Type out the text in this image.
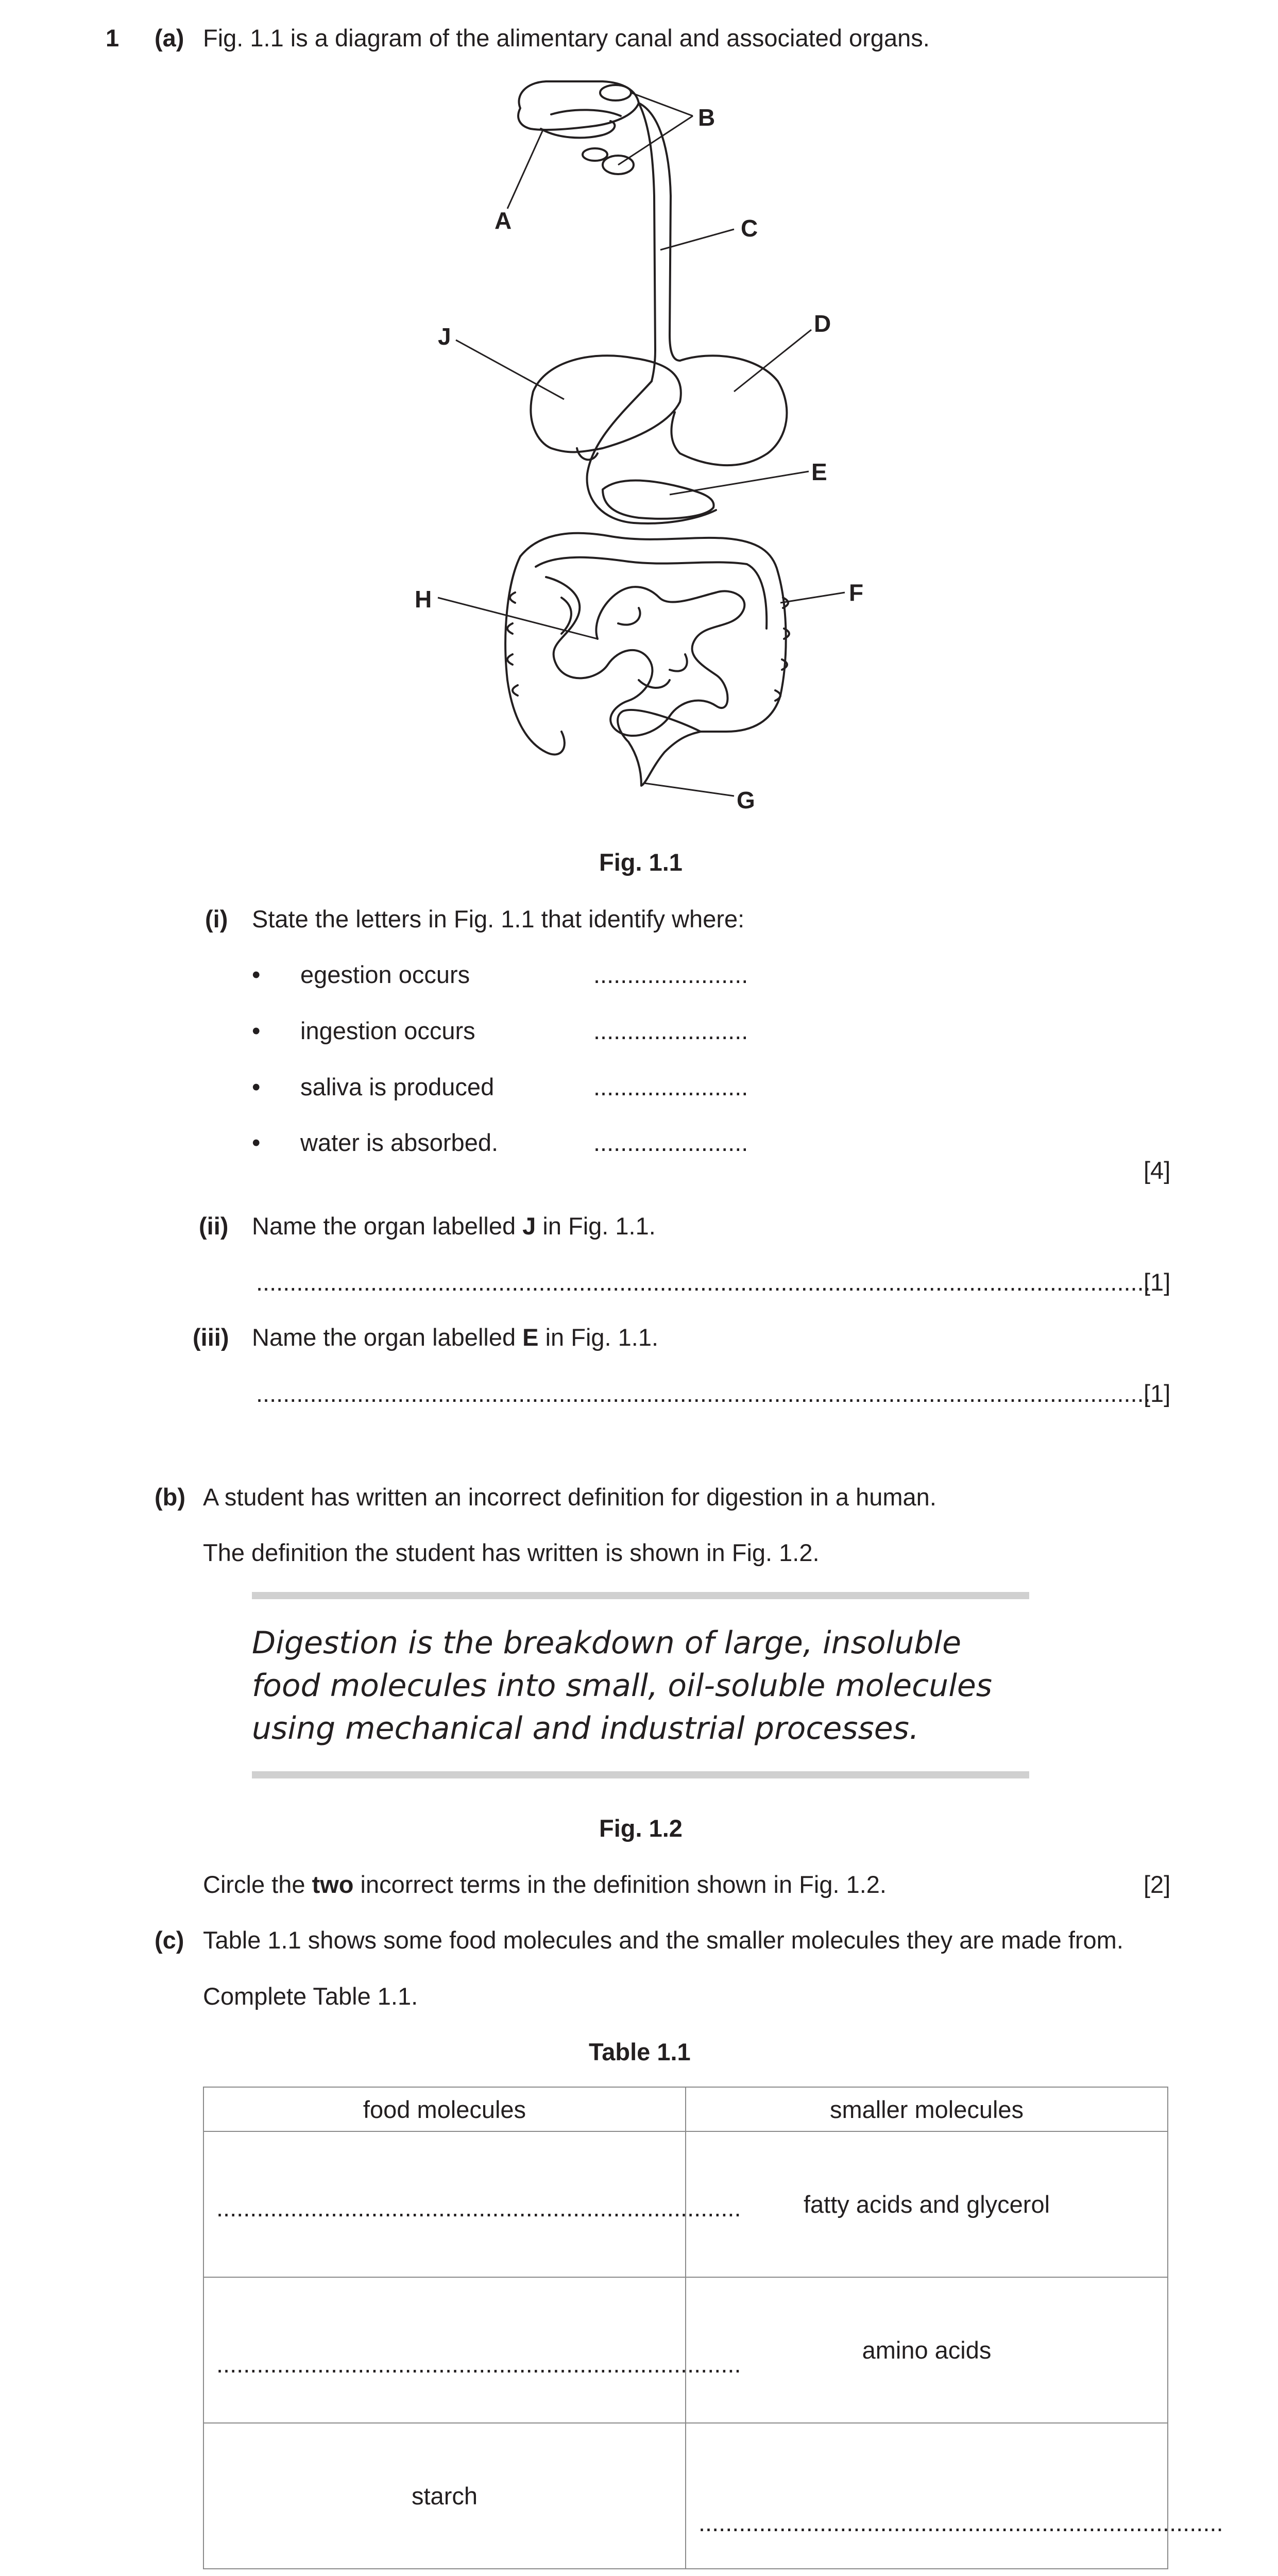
1 (a) Fig. 1.1 is a diagram of the alimentary canal and associated organs.
A
B
C
D
E
F
G
H
J
Fig. 1.1
(i) State the letters in Fig. 1.1 that identify where:
• egestion occurs	.......................
• ingestion occurs	.......................
• saliva is produced	.......................
• water is absorbed.	.......................
[4]
(ii) Name the organ labelled J in Fig. 1.1.
.....................................................................................................................................
[1]
(iii) Name the organ labelled E in Fig. 1.1.
.....................................................................................................................................
[1]
(b) A student has written an incorrect definition for digestion in a human.
The definition the student has written is shown in Fig. 1.2.
Digestion is the breakdown of large, insoluble food molecules into small, oil-soluble molecules using mechanical and industrial processes.
Fig. 1.2
Circle the two incorrect terms in the definition shown in Fig. 1.2.	[2]
(c) Table 1.1 shows some food molecules and the smaller molecules they are made from.
Complete Table 1.1.
Table 1.1
food molecules	smaller molecules

..............................................................................	fatty acids and glycerol

..............................................................................	amino acids
starch	..............................................................................
